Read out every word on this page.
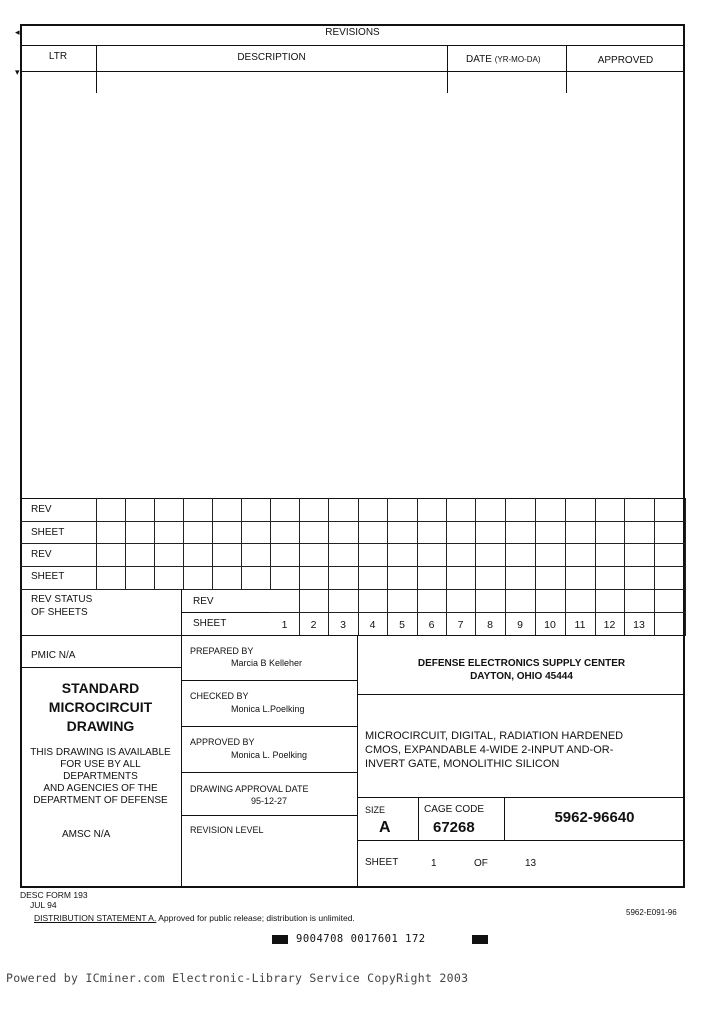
◂
▾
REVISIONS
LTR	DESCRIPTION	DATE (YR-MO-DA)	APPROVED
REV
SHEET
REV
SHEET
REV STATUS
OF SHEETS
REV
SHEET	1	2	3	4	5	6	7	8	9	10	11	12	13
PMIC N/A
STANDARD
MICROCIRCUIT
DRAWING
THIS DRAWING IS AVAILABLE
FOR USE BY ALL
DEPARTMENTS
AND AGENCIES OF THE
DEPARTMENT OF DEFENSE
AMSC N/A
PREPARED BY
Marcia B Kelleher
CHECKED BY
Monica L.Poelking
APPROVED BY
Monica L. Poelking
DRAWING APPROVAL DATE
95-12-27
REVISION LEVEL
DEFENSE ELECTRONICS SUPPLY CENTER
DAYTON, OHIO 45444
MICROCIRCUIT, DIGITAL, RADIATION HARDENED
CMOS, EXPANDABLE 4-WIDE 2-INPUT AND-OR-
INVERT GATE, MONOLITHIC SILICON
SIZE
A
CAGE CODE
67268
5962-96640
SHEET	1	OF	13
DESC FORM 193
JUL 94
DISTRIBUTION STATEMENT A. Approved for public release; distribution is unlimited.
5962-E091-96
9004708 0017601 172
Powered by ICminer.com Electronic-Library Service CopyRight 2003
